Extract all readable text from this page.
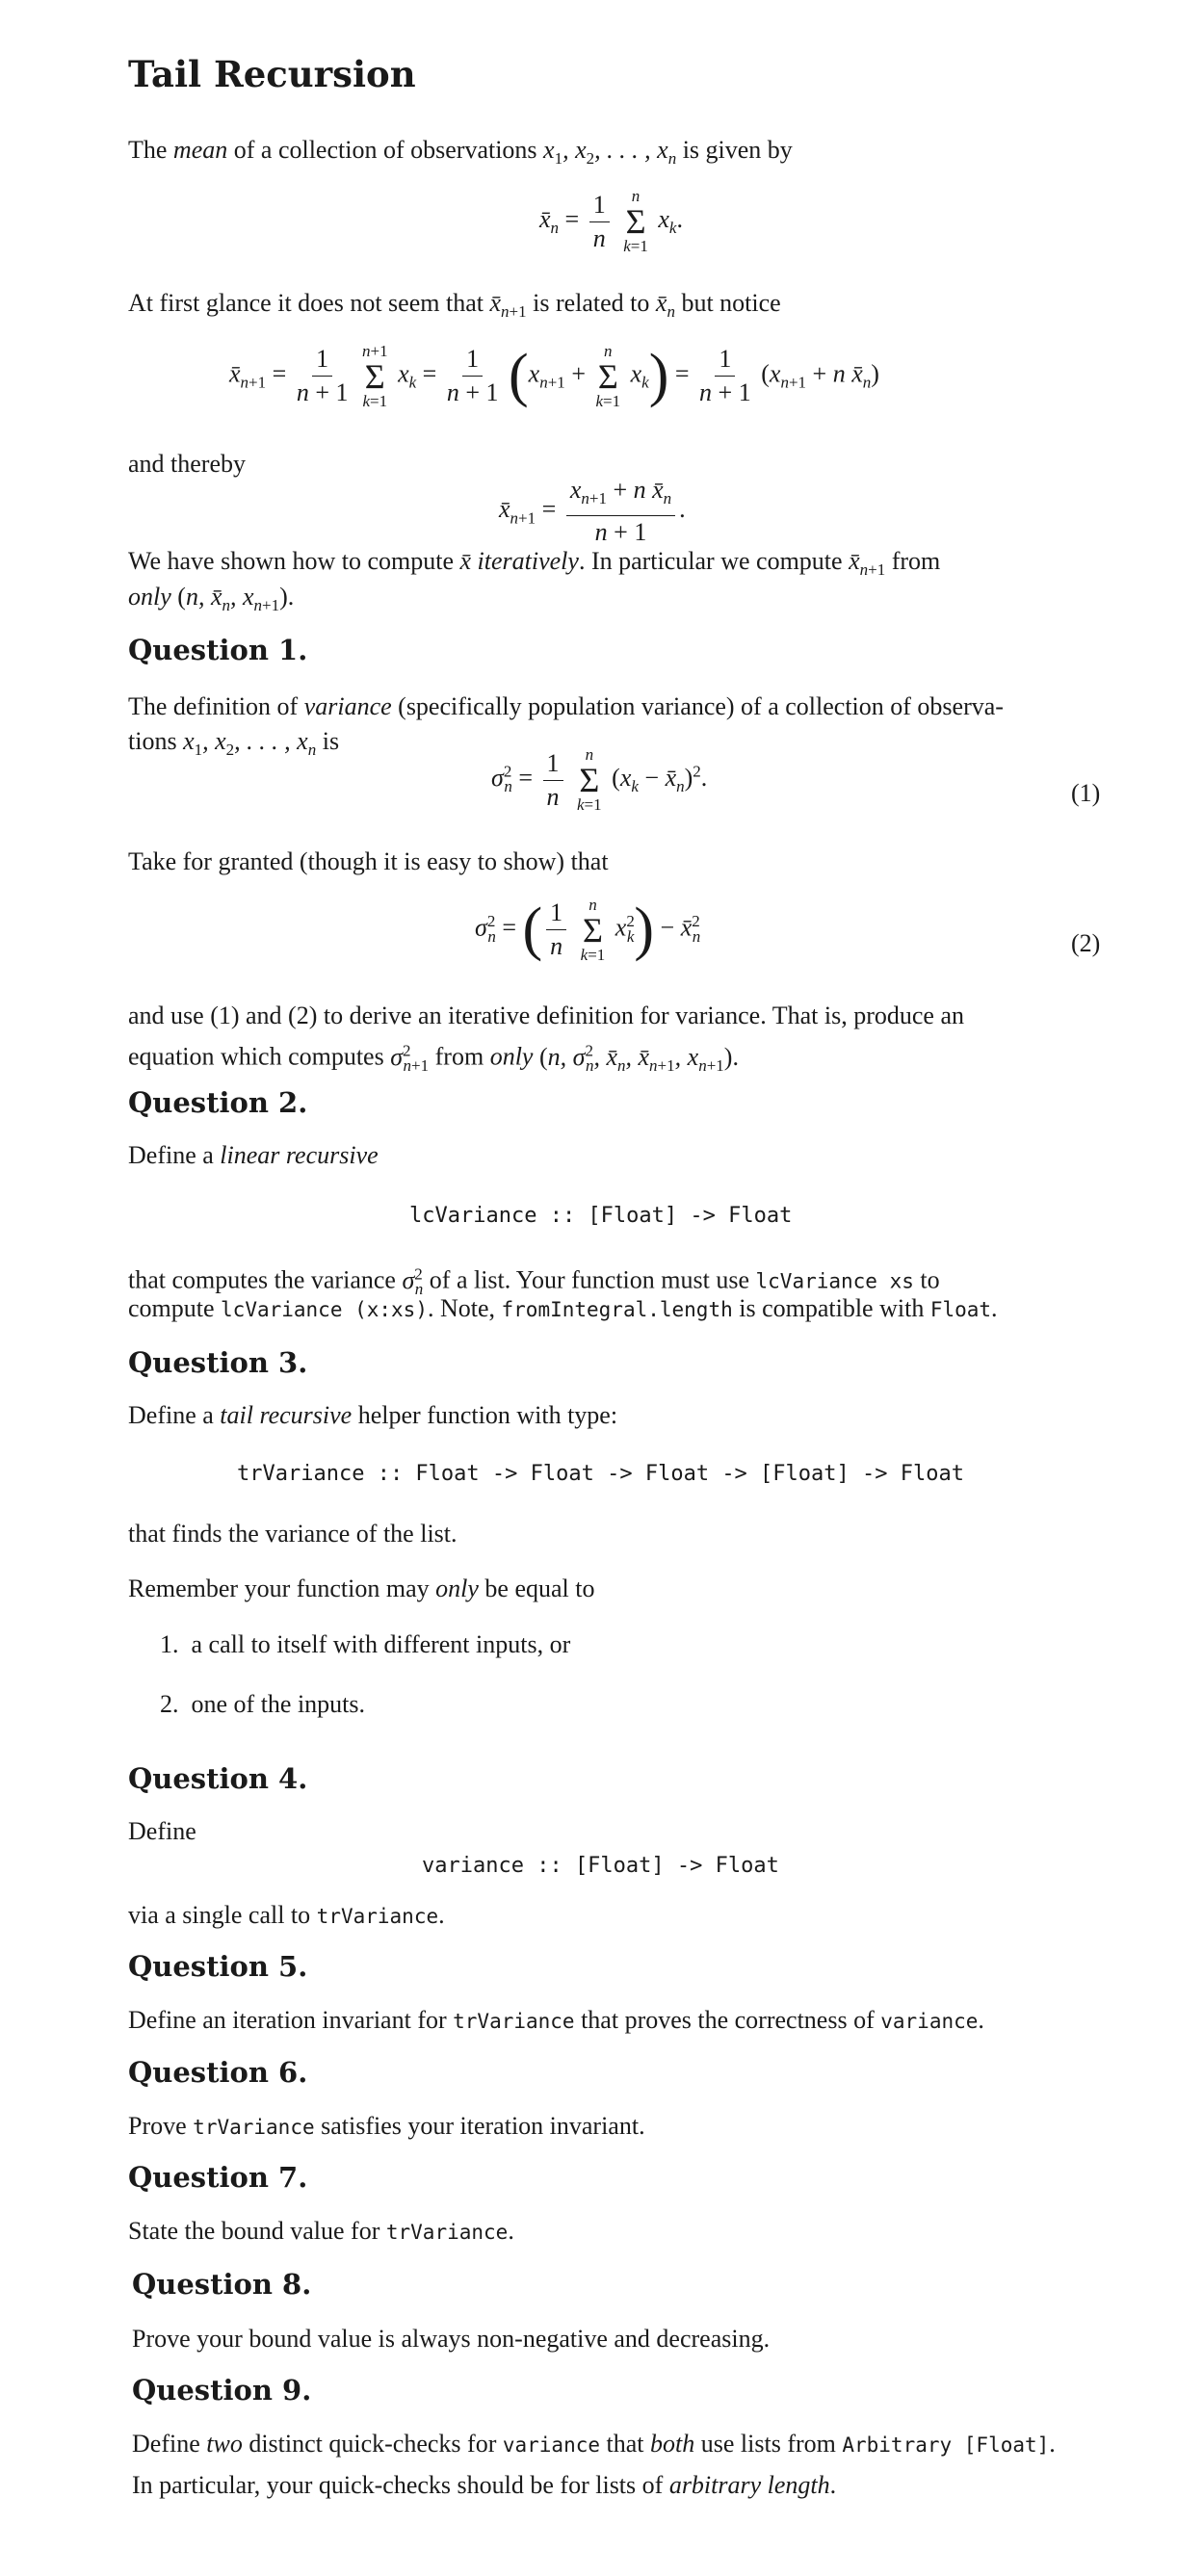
Tail Recursion
The mean of a collection of observations $x_1$, $x_2$, . . . , $x_n$ is given by
$x̄_n = \frac{1}{n}$
n
Σ
k=1
$x_k$.
At first glance it does not seem that $x̄_{n+1}$ is related to $x̄_n$ but notice
$x̄_{n+1} = \frac{1}{n + 1}$
n+1
Σ
k=1
$x_k = \frac{1}{n + 1} (x_{n+1}$ +
n
Σ
k=1
$x_k) = \frac{1}{n + 1} (x_{n+1} + n$ $x̄_n$)
and thereby
$x̄_{n+1} = \frac{x_{n+1} + n x̄_n}{n + 1}$ .
We have shown how to compute x̄ iteratively. In particular we compute $x̄_{n+1}$ from
only (n, $x̄_n$, $x_{n+1}$).
Question 1.
The definition of variance (specifically population variance) of a collection of observa-
tions $x_1$, $x_2$, . . . , $x_n$ is
$\sigma^2_n = \frac{1}{n}$
n
Σ
k=1
($x_k$ − $x̄_n)^2$.
(1)
Take for granted (though it is easy to show) that
$\sigma^2_n$ = ( $\frac{1}{n}$
n
Σ
k=1
$x^2_k$) − x̄$^2_n$	(2)
and use (1) and (2) to derive an iterative definition for variance. That is, produce an
equation which computes $\sigma^2_{n+1}$ from only (n, $\sigma^2_n$, $x̄_n$, $x̄_{n+1}$, $x_{n+1}$).
Question 2.
Define a linear recursive
lcVariance :: [Float] -> Float
that computes the variance $\sigma^2_n$ of a list. Your function must use lcVariance xs to
compute lcVariance (x:xs). Note, fromIntegral.length is compatible with Float.
Question 3.
Define a tail recursive helper function with type:
trVariance :: Float -> Float -> Float -> [Float] -> Float
that finds the variance of the list.
Remember your function may only be equal to
1. a call to itself with different inputs, or
2. one of the inputs.
Question 4.
Define
variance :: [Float] -> Float
via a single call to trVariance.
Question 5.
Define an iteration invariant for trVariance that proves the correctness of variance.
Question 6.
Prove trVariance satisfies your iteration invariant.
Question 7.
State the bound value for trVariance.
Question 8.
Prove your bound value is always non-negative and decreasing.
Question 9.
Define two distinct quick-checks for variance that both use lists from Arbitrary [Float].
In particular, your quick-checks should be for lists of arbitrary length.
